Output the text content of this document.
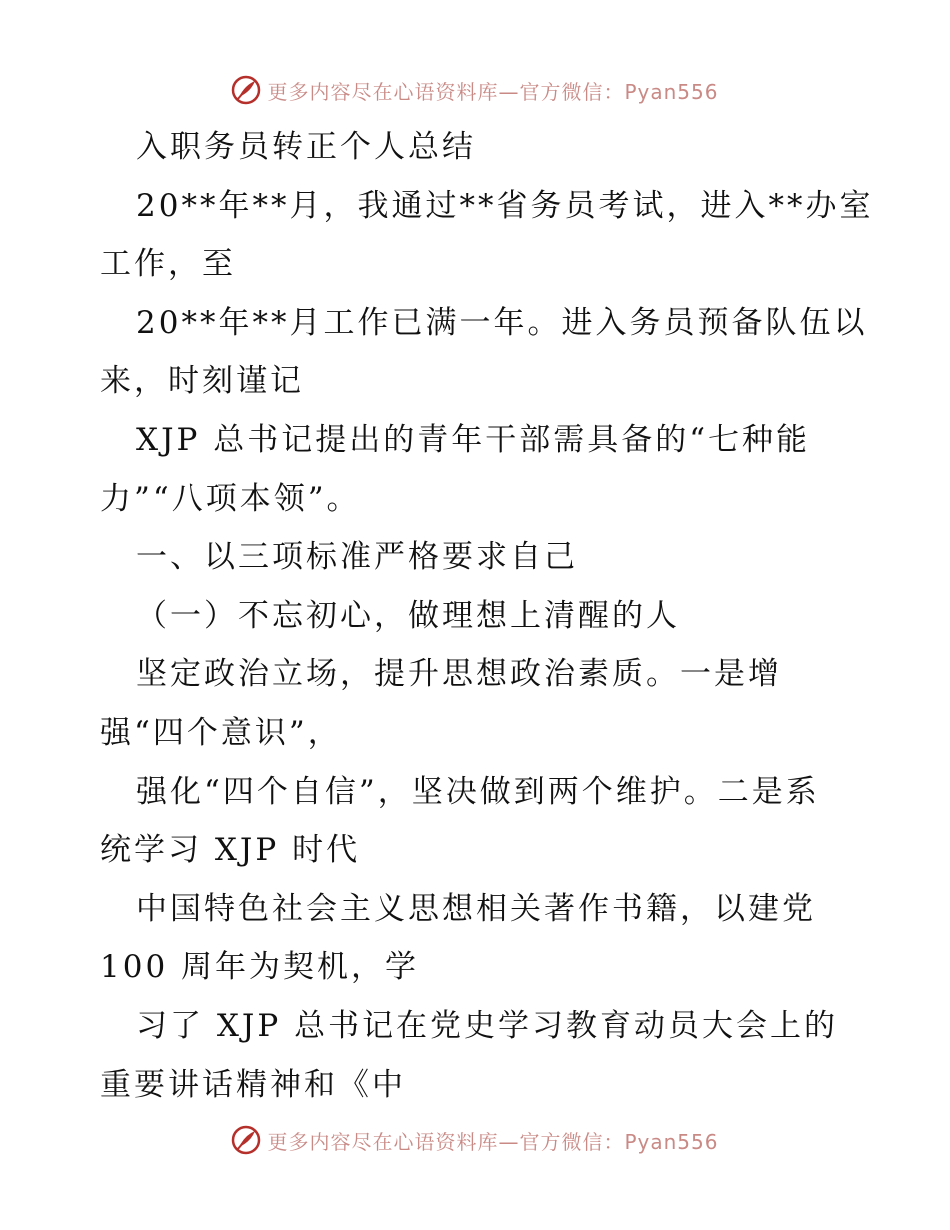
更多内容尽在心语资料库—官方微信：Pyan556
入职务员转正个人总结
20**年**月，我通过**省务员考试，进入**办室
工作，至
20**年**月工作已满一年。进入务员预备队伍以
来，时刻谨记
XJP 总书记提出的青年干部需具备的“七种能
力”“八项本领”。
一、以三项标准严格要求自己
（一）不忘初心，做理想上清醒的人
坚定政治立场，提升思想政治素质。一是增
强“四个意识”，
强化“四个自信”，坚决做到两个维护。二是系
统学习 XJP 时代
中国特色社会主义思想相关著作书籍，以建党
100 周年为契机，学
习了 XJP 总书记在党史学习教育动员大会上的
重要讲话精神和《中
更多内容尽在心语资料库—官方微信：Pyan556
